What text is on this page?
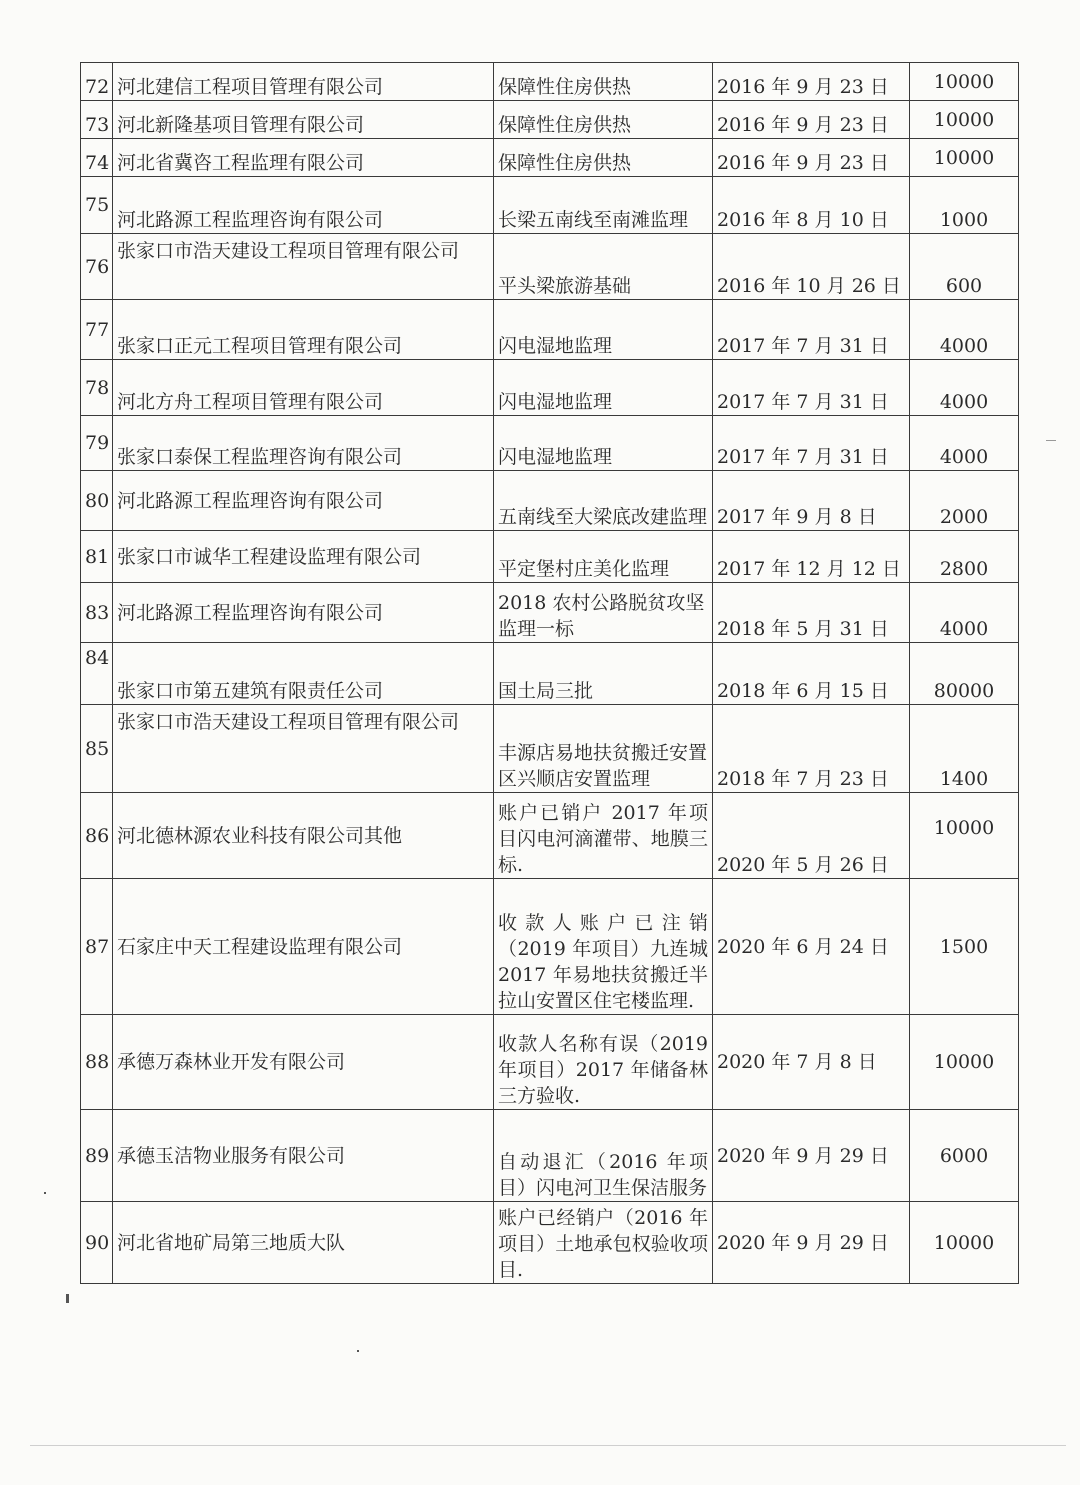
72	河北建信工程项目管理有限公司	保障性住房供热	2016 年 9 月 23 日	10000
73	河北新隆基项目管理有限公司	保障性住房供热	2016 年 9 月 23 日	10000
74	河北省冀咨工程监理有限公司	保障性住房供热	2016 年 9 月 23 日	10000
75	河北路源工程监理咨询有限公司	长梁五南线至南滩监理	2016 年 8 月 10 日	1000
76	张家口市浩天建设工程项目管理有限公司	平头梁旅游基础	2016 年 10 月 26 日	600
77	张家口正元工程项目管理有限公司	闪电湿地监理	2017 年 7 月 31 日	4000
78	河北方舟工程项目管理有限公司	闪电湿地监理	2017 年 7 月 31 日	4000
79	张家口泰保工程监理咨询有限公司	闪电湿地监理	2017 年 7 月 31 日	4000
80	河北路源工程监理咨询有限公司	五南线至大梁底改建监理	2017 年 9 月 8 日	2000
81	张家口市诚华工程建设监理有限公司	平定堡村庄美化监理	2017 年 12 月 12 日	2800
83	河北路源工程监理咨询有限公司	2018 农村公路脱贫攻坚监理一标	2018 年 5 月 31 日	4000
84	张家口市第五建筑有限责任公司	国土局三批	2018 年 6 月 15 日	80000
85	张家口市浩天建设工程项目管理有限公司	丰源店易地扶贫搬迁安置区兴顺店安置监理	2018 年 7 月 23 日	1400
86	河北德林源农业科技有限公司其他	账户已销户 2017 年项目闪电河滴灌带、地膜三标.	2020 年 5 月 26 日	10000
87	石家庄中天工程建设监理有限公司	收款人账户已注销（2019 年项目）九连城 2017 年易地扶贫搬迁半拉山安置区住宅楼监理.	2020 年 6 月 24 日	1500
88	承德万森林业开发有限公司	收款人名称有误（2019 年项目）2017 年储备林三方验收.	2020 年 7 月 8 日	10000
89	承德玉洁物业服务有限公司	自动退汇（2016 年项目）闪电河卫生保洁服务	2020 年 9 月 29 日	6000
90	河北省地矿局第三地质大队	账户已经销户（2016 年项目）土地承包权验收项目.	2020 年 9 月 29 日	10000
